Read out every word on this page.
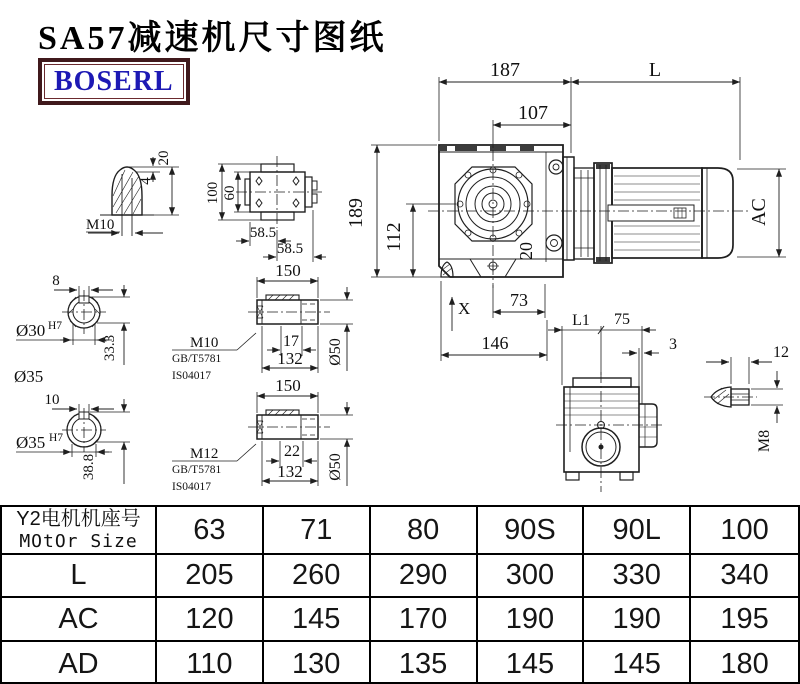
SA57减速机尺寸图纸
BOSERL
M10
4
20
100 60
58.5
58.5
8
Ø30 H7
33.3
Ø35
10
Ø35 H7
38.8
150
17
132 Ø50
M10
GB/T5781
IS04017	150
22
132 Ø50
M12
GB/T5781
IS04017
187	L
107
189
112	20
AC
X 73
146
L1 75
3	12
M8
Y2电机机座号
MOtOr Size	63	71	80	90S	90L	100
L	205	260	290	300	330	340
AC	120	145	170	190	190	195
AD	110	130	135	145	145	180
